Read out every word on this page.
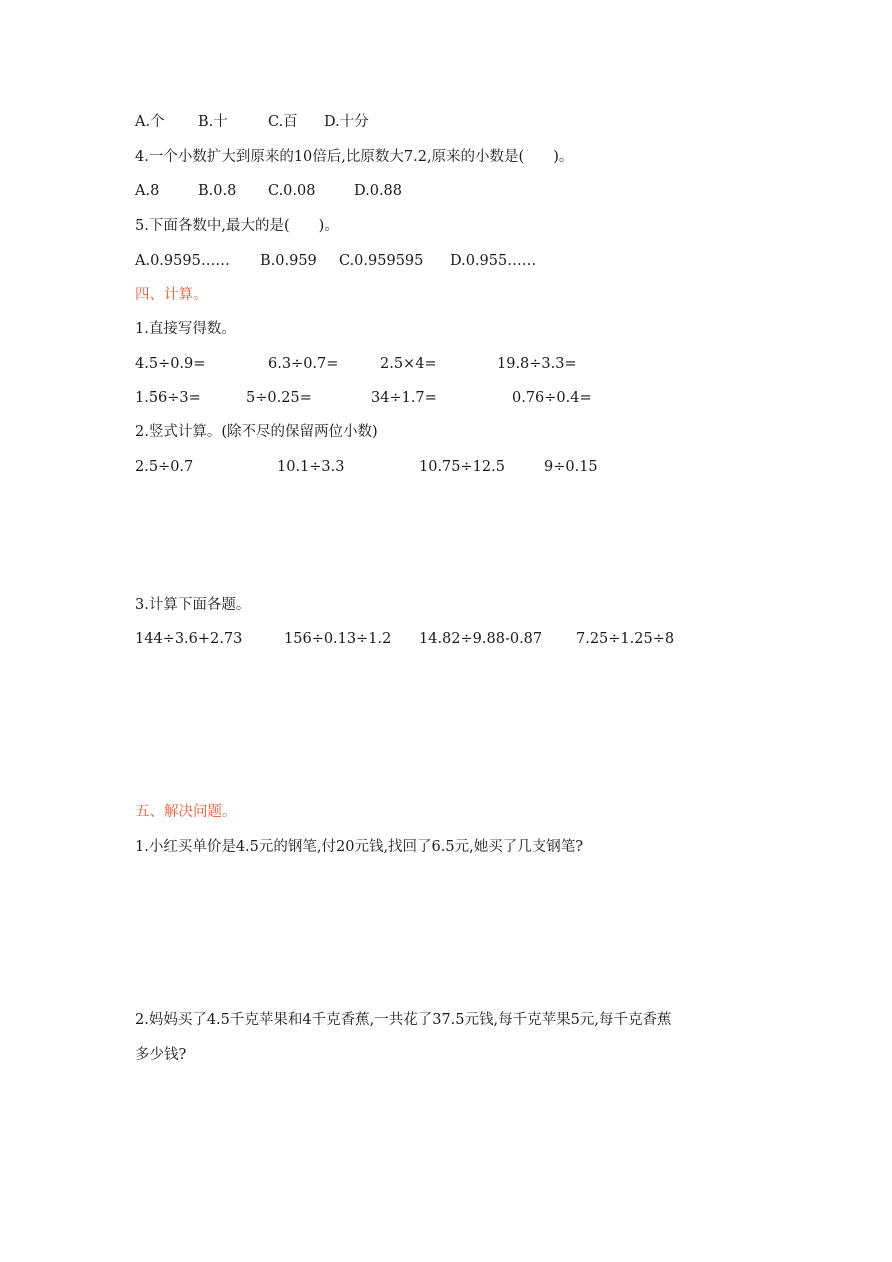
A.个 B.十	C.百 D.十分
4.一个小数扩大到原来的10倍后,比原数大7.2,原来的小数是(　　)。
A.8	B.0.8 C.0.08	D.0.88
5.下面各数中,最大的是(　　)。
A.0.9595…… B.0.959 C.0.959595 D.0.955……
四、计算。
1.直接写得数。
4.5÷0.9=	6.3÷0.7=	2.5×4=	19.8÷3.3=
1.56÷3=	5÷0.25=	34÷1.7=	0.76÷0.4=
2.竖式计算。(除不尽的保留两位小数)
2.5÷0.7	10.1÷3.3	10.75÷12.5	9÷0.15
3.计算下面各题。
144÷3.6+2.73	156÷0.13÷1.2 14.82÷9.88-0.87 7.25÷1.25÷8
五、解决问题。
1.小红买单价是4.5元的钢笔,付20元钱,找回了6.5元,她买了几支钢笔?
2.妈妈买了4.5千克苹果和4千克香蕉,一共花了37.5元钱,每千克苹果5元,每千克香蕉
多少钱?
